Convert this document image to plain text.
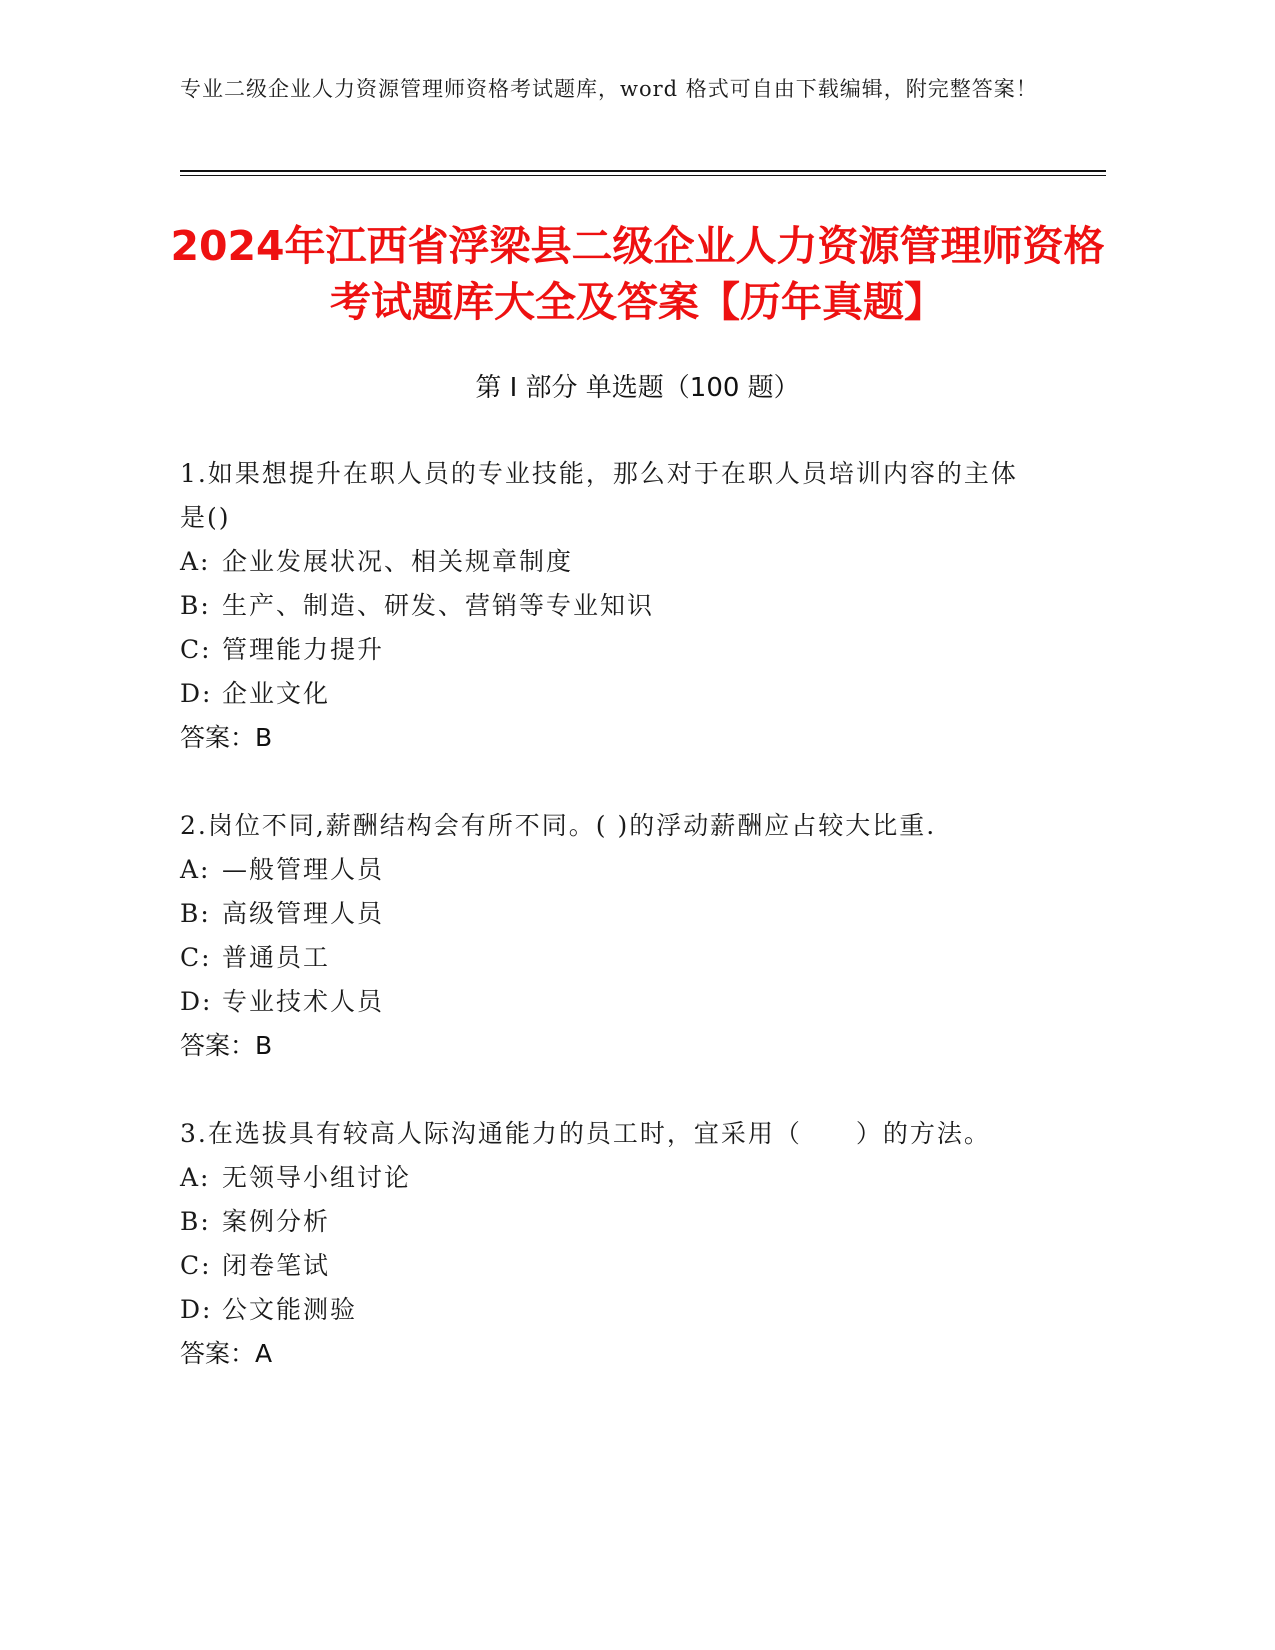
专业二级企业人力资源管理师资格考试题库，word 格式可自由下载编辑，附完整答案！
2024年江西省浮梁县二级企业人力资源管理师资格考试题库大全及答案【历年真题】
第 I 部分 单选题（100 题）
1.如果想提升在职人员的专业技能，那么对于在职人员培训内容的主体是()
A: 企业发展状况、相关规章制度
B: 生产、制造、研发、营销等专业知识
C: 管理能力提升
D: 企业文化
答案：B
2.岗位不同,薪酬结构会有所不同。( )的浮动薪酬应占较大比重.
A: —般管理人员
B: 高级管理人员
C: 普通员工
D: 专业技术人员
答案：B
3.在选拔具有较高人际沟通能力的员工时，宜采用（　　）的方法。
A: 无领导小组讨论
B: 案例分析
C: 闭卷笔试
D: 公文能测验
答案：A
